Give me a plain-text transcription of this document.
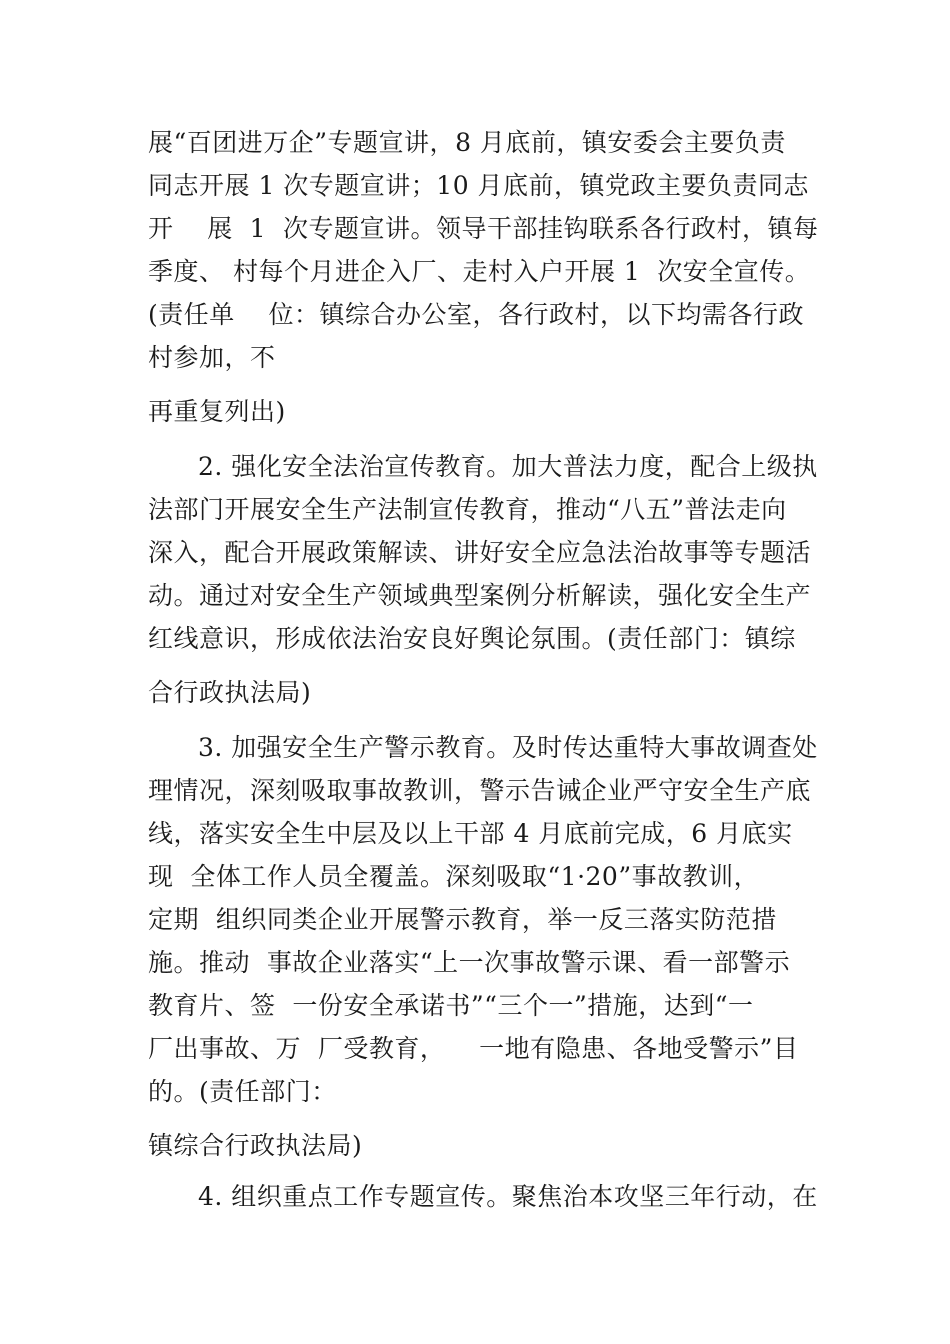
展“百团进万企”专题宣讲，8 月底前，镇安委会主要负责
同志开展 1 次专题宣讲；10 月底前，镇党政主要负责同志
开    展  1  次专题宣讲。领导干部挂钩联系各行政村，镇每
季度、 村每个月进企入厂、走村入户开展 1  次安全宣传。
(责任单    位：镇综合办公室，各行政村，以下均需各行政
村参加，不
再重复列出)
2. 强化安全法治宣传教育。加大普法力度，配合上级执
法部门开展安全生产法制宣传教育，推动“八五”普法走向
深入，配合开展政策解读、讲好安全应急法治故事等专题活
动。通过对安全生产领域典型案例分析解读，强化安全生产
红线意识，形成依法治安良好舆论氛围。(责任部门：镇综
合行政执法局)
3. 加强安全生产警示教育。及时传达重特大事故调查处
理情况，深刻吸取事故教训，警示告诫企业严守安全生产底
线，落实安全生中层及以上干部 4 月底前完成，6 月底实
现  全体工作人员全覆盖。深刻吸取“1·20”事故教训，
定期  组织同类企业开展警示教育，举一反三落实防范措
施。推动  事故企业落实“上一次事故警示课、看一部警示
教育片、签  一份安全承诺书”“三个一”措施，达到“一
厂出事故、万  厂受教育，    一地有隐患、各地受警示”目
的。(责任部门：
镇综合行政执法局)
4. 组织重点工作专题宣传。聚焦治本攻坚三年行动，在
